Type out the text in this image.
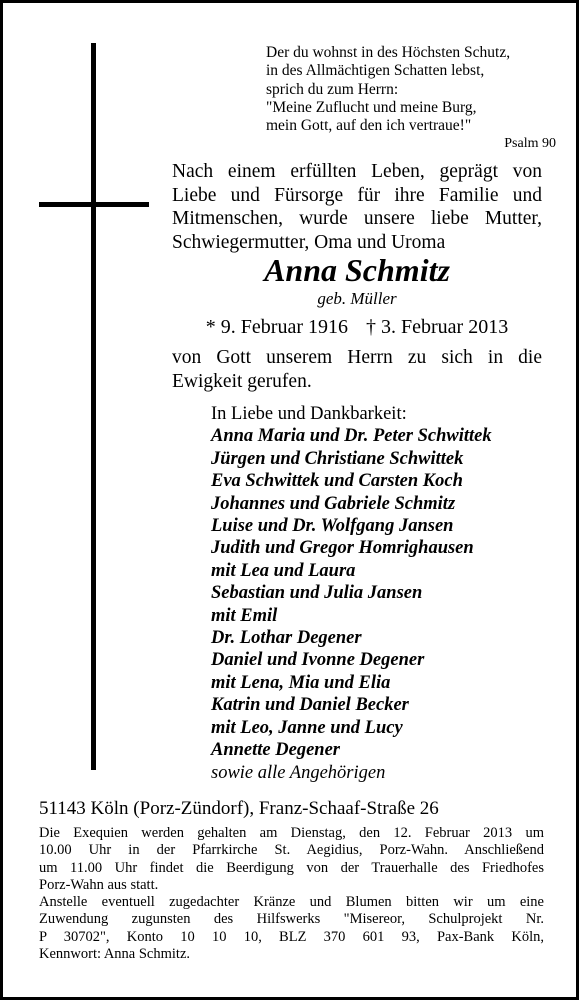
Der du wohnst in des Höchsten Schutz,
in des Allmächtigen Schatten lebst,
sprich du zum Herrn:
"Meine Zuflucht und meine Burg,
mein Gott, auf den ich vertraue!"
Psalm 90
Nach einem erfüllten Leben, geprägt von
Liebe und Fürsorge für ihre Familie und
Mitmenschen, wurde unsere liebe Mutter,
Schwiegermutter, Oma und Uroma
Anna Schmitz
geb. Müller
* 9. Februar 1916 † 3. Februar 2013
von Gott unserem Herrn zu sich in die
Ewigkeit gerufen.
In Liebe und Dankbarkeit:
Anna Maria und Dr. Peter Schwittek
Jürgen und Christiane Schwittek
Eva Schwittek und Carsten Koch
Johannes und Gabriele Schmitz
Luise und Dr. Wolfgang Jansen
Judith und Gregor Homrighausen
mit Lea und Laura
Sebastian und Julia Jansen
mit Emil
Dr. Lothar Degener
Daniel und Ivonne Degener
mit Lena, Mia und Elia
Katrin und Daniel Becker
mit Leo, Janne und Lucy
Annette Degener
sowie alle Angehörigen
51143 Köln (Porz-Zündorf), Franz-Schaaf-Straße 26
Die Exequien werden gehalten am Dienstag, den 12. Februar 2013 um
10.00 Uhr in der Pfarrkirche St. Aegidius, Porz-Wahn. Anschließend
um 11.00 Uhr findet die Beerdigung von der Trauerhalle des Friedhofes
Porz-Wahn aus statt.
Anstelle eventuell zugedachter Kränze und Blumen bitten wir um eine
Zuwendung zugunsten des Hilfswerks "Misereor, Schulprojekt Nr.
P 30702", Konto 10 10 10, BLZ 370 601 93, Pax-Bank Köln,
Kennwort: Anna Schmitz.
